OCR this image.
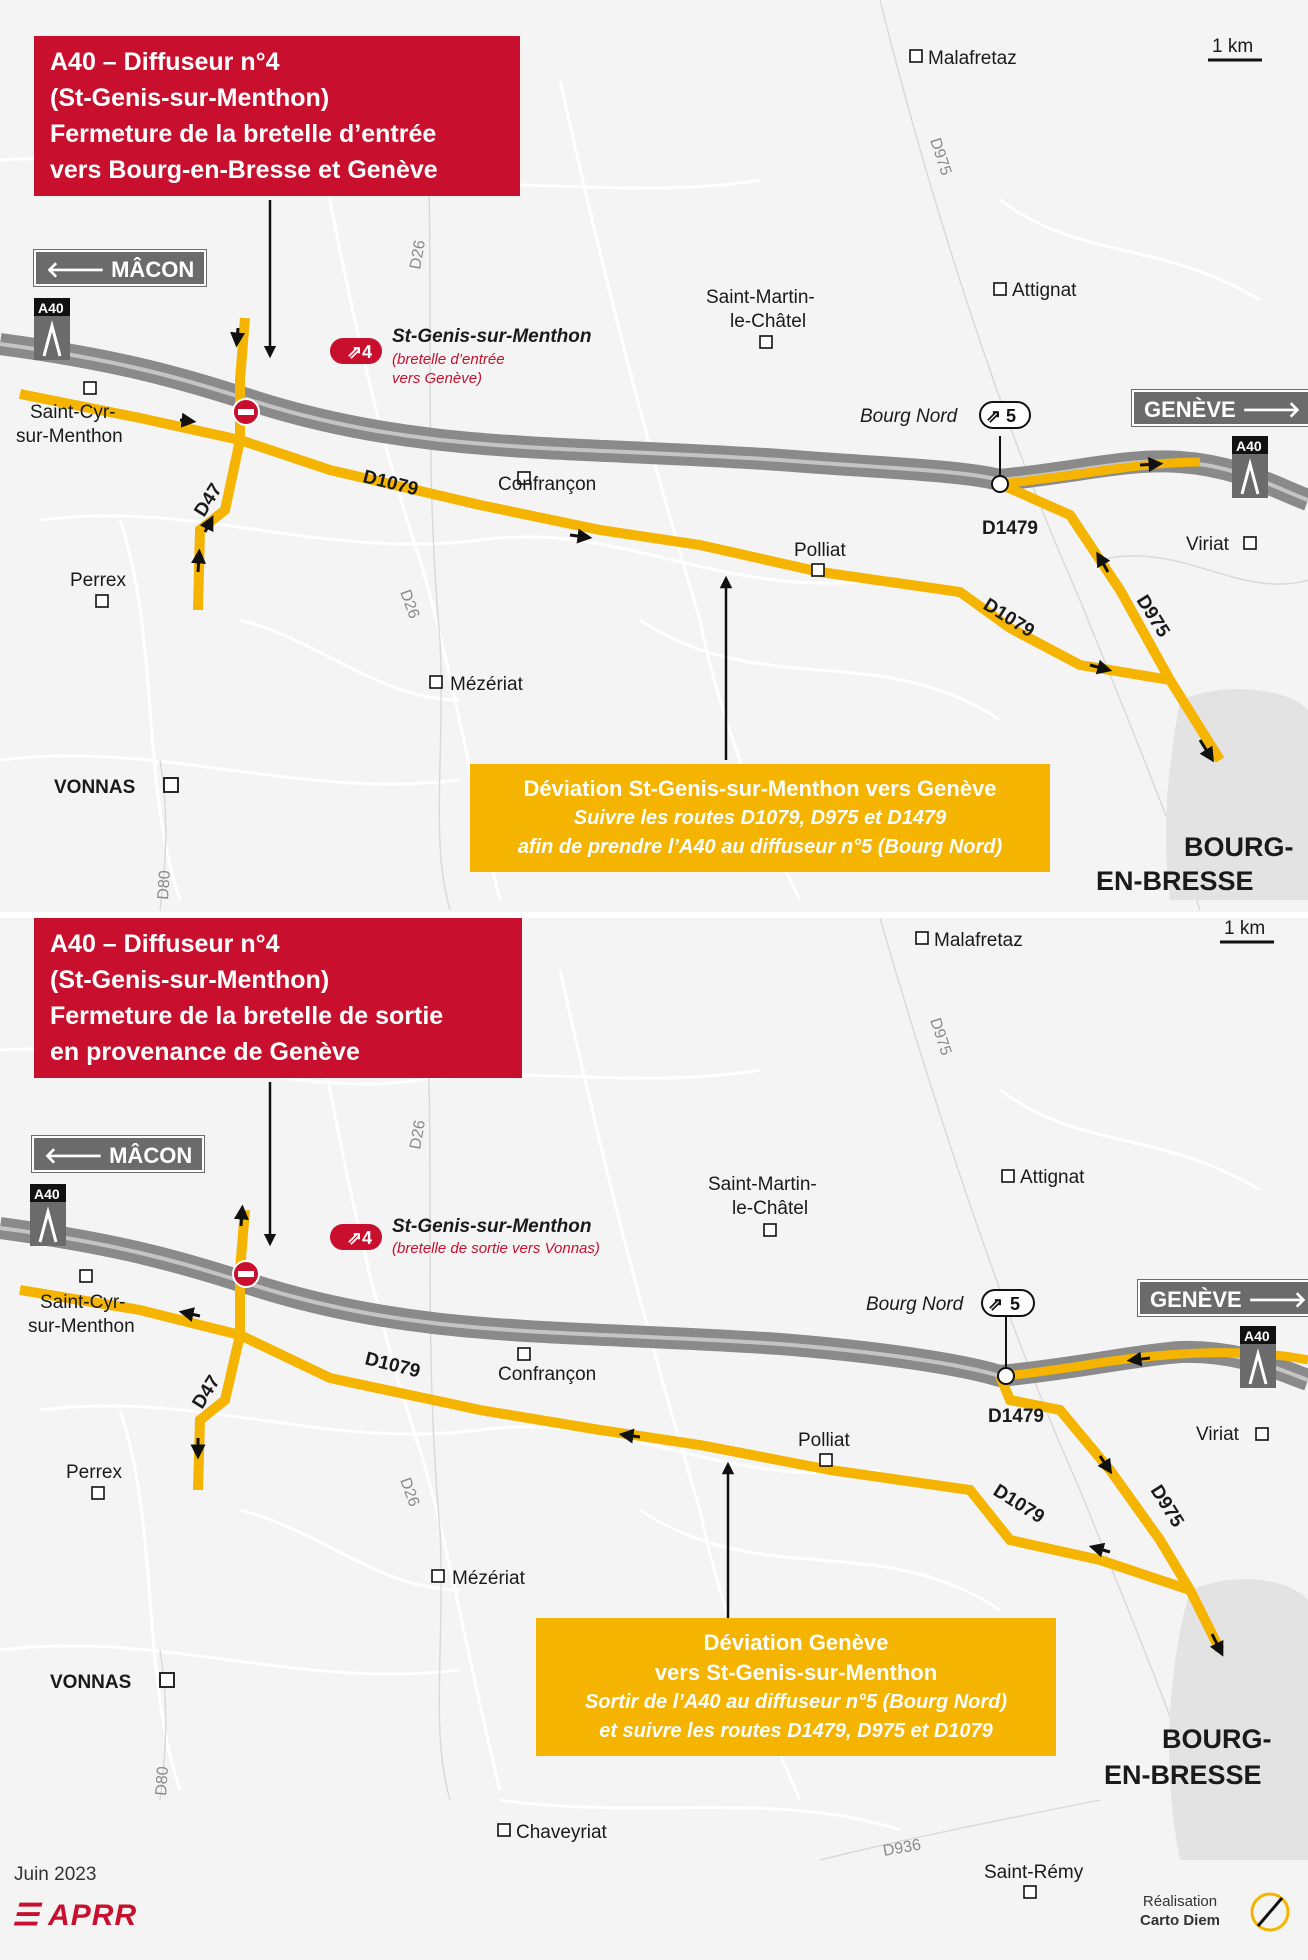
⇗ 4
⇗ 5
A40
A40
1 km
Malafretaz
Attignat
Saint-Martin-
le-Châtel
Saint-Cyr-
sur-Menthon
Confrançon
Polliat	Viriat
Perrex
Mézériat
VONNAS
BOURG-
EN-BRESSE
D1079
D1079	D975
D1479
D47
D26
D26
D975
D80
St-Genis-sur-Menthon
(bretelle d’entrée
vers Genève)
Bourg Nord
⇗ 4
⇗ 5
A40
A40
1 km
Malafretaz
Attignat
Saint-Martin-
le-Châtel
Saint-Cyr-
sur-Menthon
Confrançon
Polliat	Viriat
Perrex
Mézériat
VONNAS
BOURG-
EN-BRESSE
Chaveyriat
Saint-Rémy
D1079
D1079	D975
D1479
D47
D26
D26
D975
D80
D936
St-Genis-sur-Menthon
(bretelle de sortie vers Vonnas)
Bourg Nord
A40 – Diffuseur n°4
(St-Genis-sur-Menthon)
Fermeture de la bretelle d’entrée
vers Bourg-en-Bresse et Genève
🡐 MÂCON
GENÈVE 🡒
Déviation St-Genis-sur-Menthon vers Genève
Suivre les routes D1079, D975 et D1479
afin de prendre l’A40 au diffuseur n°5 (Bourg Nord)
A40 – Diffuseur n°4
(St-Genis-sur-Menthon)
Fermeture de la bretelle de sortie
en provenance de Genève
🡐 MÂCON
GENÈVE 🡒
Déviation Genève
vers St-Genis-sur-Menthon
Sortir de l’A40 au diffuseur n°5 (Bourg Nord)
et suivre les routes D1479, D975 et D1079
Juin 2023
☰ APRR	Réalisation
Carto Diem
